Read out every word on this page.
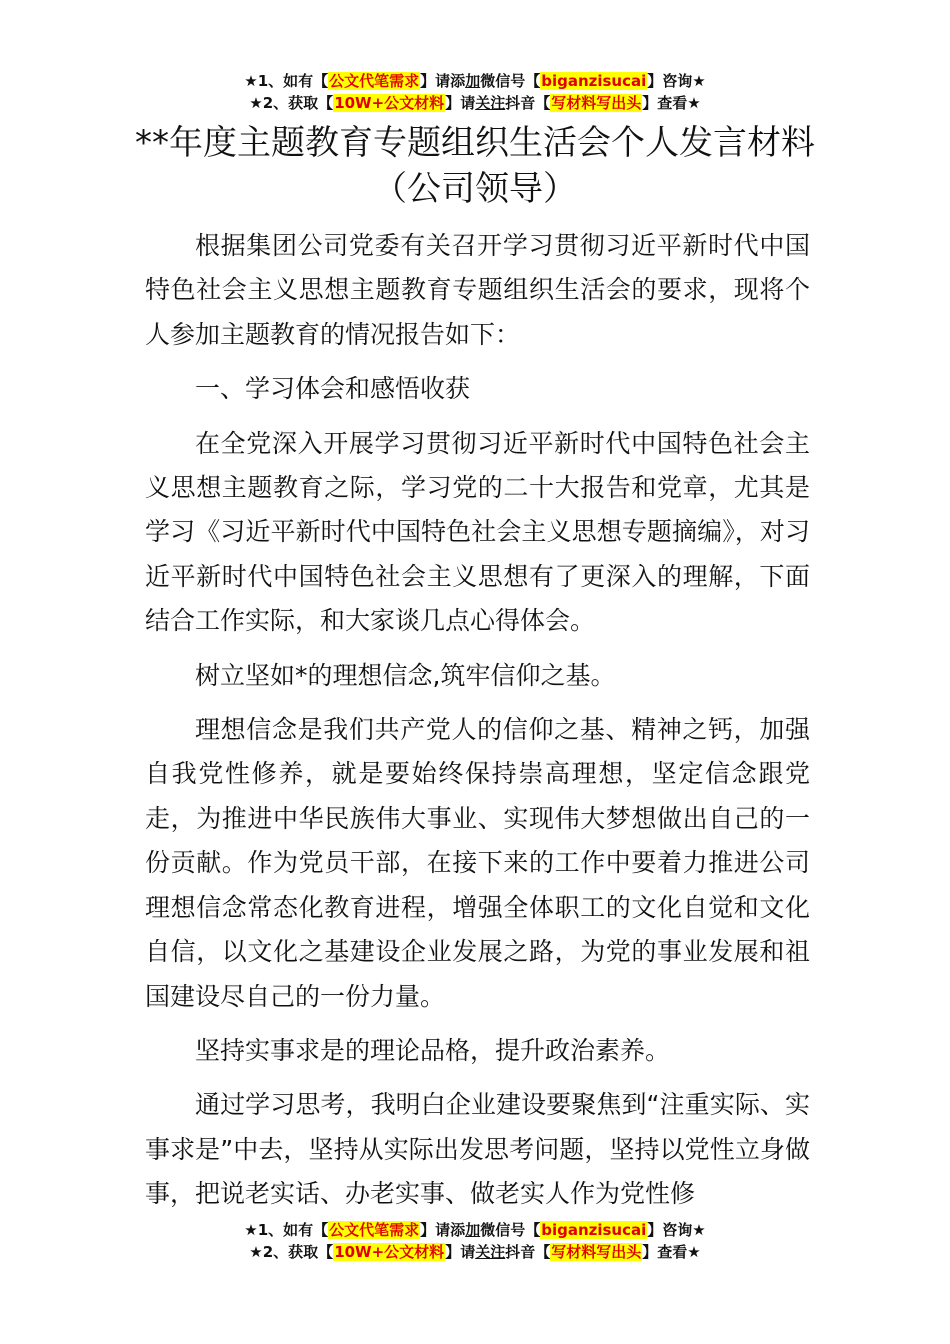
★1、如有【公文代笔需求】请添加微信号【biganzisucai】咨询★
★2、获取【10W+公文材料】请关注抖音【写材料写出头】查看★
**年度主题教育专题组织生活会个人发言材料（公司领导）

根据集团公司党委有关召开学习贯彻习近平新时代中国特色社会主义思想主题教育专题组织生活会的要求，现将个人参加主题教育的情况报告如下：

一、学习体会和感悟收获

在全党深入开展学习贯彻习近平新时代中国特色社会主义思想主题教育之际，学习党的二十大报告和党章，尤其是学习《习近平新时代中国特色社会主义思想专题摘编》，对习近平新时代中国特色社会主义思想有了更深入的理解，下面结合工作实际，和大家谈几点心得体会。

树立坚如*的理想信念,筑牢信仰之基。

理想信念是我们共产党人的信仰之基、精神之钙，加强自我党性修养，就是要始终保持崇高理想，坚定信念跟党走，为推进中华民族伟大事业、实现伟大梦想做出自己的一份贡献。作为党员干部，在接下来的工作中要着力推进公司理想信念常态化教育进程，增强全体职工的文化自觉和文化自信，以文化之基建设企业发展之路，为党的事业发展和祖国建设尽自己的一份力量。

坚持实事求是的理论品格，提升政治素养。

通过学习思考，我明白企业建设要聚焦到“注重实际、实事求是”中去，坚持从实际出发思考问题，坚持以党性立身做事，把说老实话、办老实事、做老实人作为党性修

★1、如有【公文代笔需求】请添加微信号【biganzisucai】咨询★
★2、获取【10W+公文材料】请关注抖音【写材料写出头】查看★
